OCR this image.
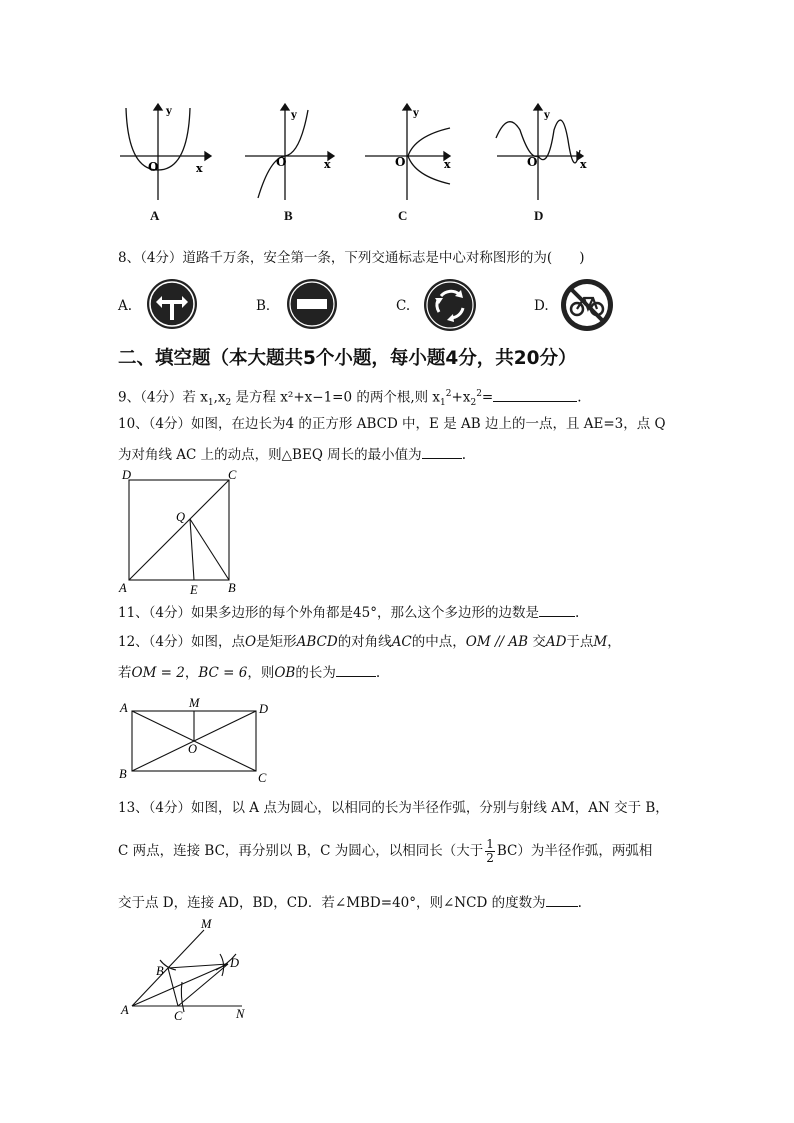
y
x
O
y
x
O
y
x
O
y
x
O
A	B	C	D
8、（4分）道路千万条，安全第一条，下列交通标志是中心对称图形的为(　　)
A.	B．	C.	D.
二、填空题（本大题共5个小题，每小题4分，共20分）
9、（4分）若 $x_1,x_2$ 是方程 x²+x−1=0 的两个根,则 $x_1^2+x_2^2=$	.
10、（4分）如图，在边长为4 的正方形 ABCD 中，E 是 AB 边上的一点，且 AE=3，点 Q
为对角线 AC 上的动点，则△BEQ 周长的最小值为	.
D	C
Q
A	E B
11、（4分）如果多边形的每个外角都是45°，那么这个多边形的边数是	.
12、（4分）如图，点O是矩形ABCD的对角线AC的中点，OM // AB 交AD于点M，
若OM = 2，BC = 6，则OB的长为	.
A	M	D
O
B	C
13、（4分）如图，以 A 点为圆心，以相同的长为半径作弧，分别与射线 AM，AN 交于 B，
C 两点，连接 BC，再分别以 B，C 为圆心，以相同长（大于 $\frac{1}{2} BC$）为半径作弧，两弧相
交于点 D，连接 AD，BD，CD．若∠MBD=40°，则∠NCD 的度数为 .
M
B
D
A	C	N
